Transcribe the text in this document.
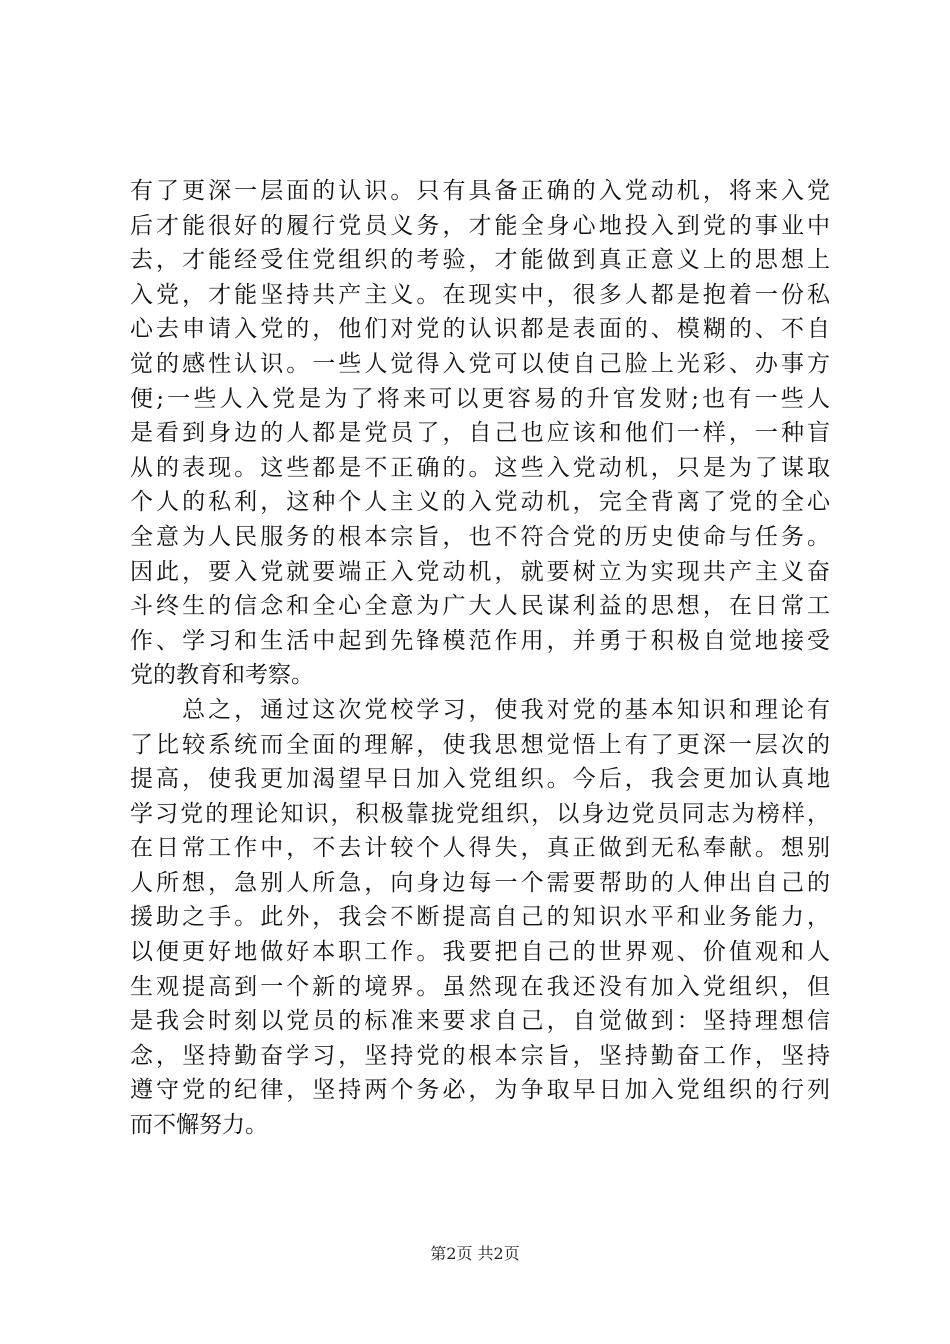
有了更深一层面的认识。只有具备正确的入党动机，将来入党
后才能很好的履行党员义务，才能全身心地投入到党的事业中
去，才能经受住党组织的考验，才能做到真正意义上的思想上
入党，才能坚持共产主义。在现实中，很多人都是抱着一份私
心去申请入党的，他们对党的认识都是表面的、模糊的、不自
觉的感性认识。一些人觉得入党可以使自己脸上光彩、办事方
便;一些人入党是为了将来可以更容易的升官发财;也有一些人
是看到身边的人都是党员了，自己也应该和他们一样，一种盲
从的表现。这些都是不正确的。这些入党动机，只是为了谋取
个人的私利，这种个人主义的入党动机，完全背离了党的全心
全意为人民服务的根本宗旨，也不符合党的历史使命与任务。
因此，要入党就要端正入党动机，就要树立为实现共产主义奋
斗终生的信念和全心全意为广大人民谋利益的思想，在日常工
作、学习和生活中起到先锋模范作用，并勇于积极自觉地接受
党的教育和考察。
　　总之，通过这次党校学习，使我对党的基本知识和理论有
了比较系统而全面的理解，使我思想觉悟上有了更深一层次的
提高，使我更加渴望早日加入党组织。今后，我会更加认真地
学习党的理论知识，积极靠拢党组织，以身边党员同志为榜样，
在日常工作中，不去计较个人得失，真正做到无私奉献。想别
人所想，急别人所急，向身边每一个需要帮助的人伸出自己的
援助之手。此外，我会不断提高自己的知识水平和业务能力，
以便更好地做好本职工作。我要把自己的世界观、价值观和人
生观提高到一个新的境界。虽然现在我还没有加入党组织，但
是我会时刻以党员的标准来要求自己，自觉做到：坚持理想信
念，坚持勤奋学习，坚持党的根本宗旨，坚持勤奋工作，坚持
遵守党的纪律，坚持两个务必，为争取早日加入党组织的行列
而不懈努力。
第2页 共2页
